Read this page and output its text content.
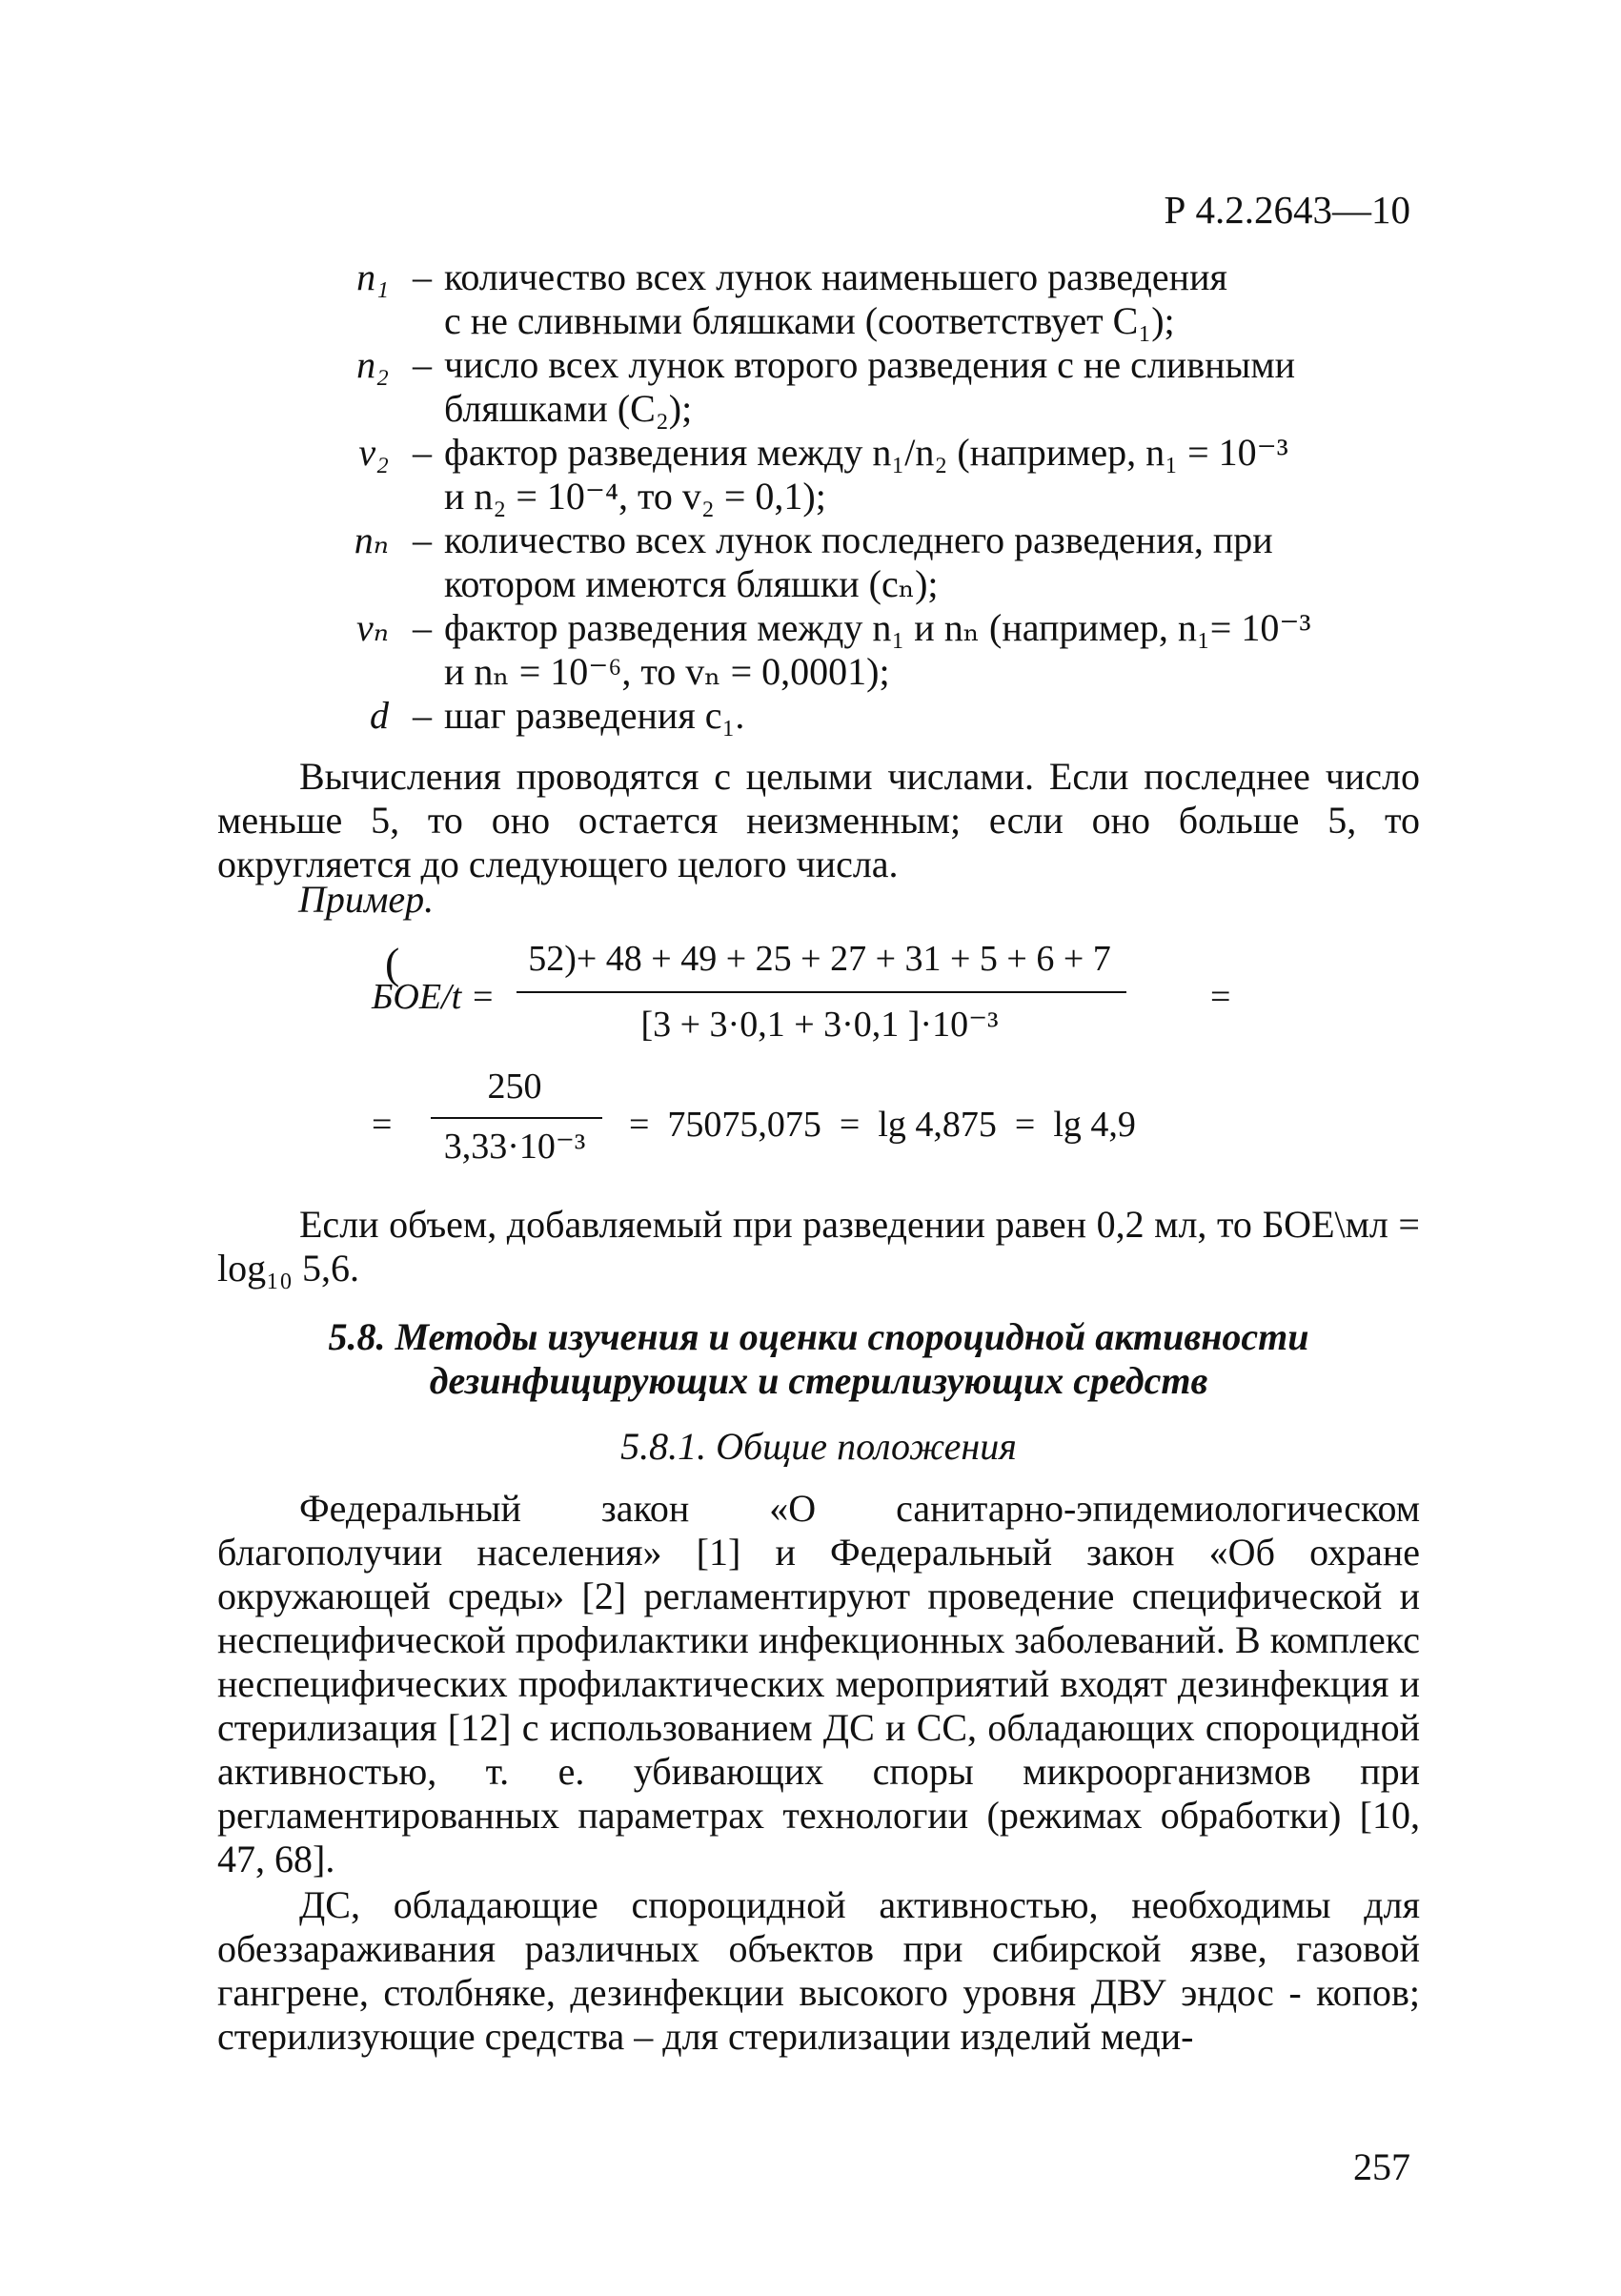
Р 4.2.2643—10
n₁ – количество всех лунок наименьшего разведения
с не сливными бляшками (соответствует C₁);
n₂ – число всех лунок второго разведения с не сливными
бляшками (C₂);
v₂ – фактор разведения между n₁/n₂ (например, n₁ = 10⁻³
и n₂ = 10⁻⁴, то v₂ = 0,1);
nₙ – количество всех лунок последнего разведения, при
котором имеются бляшки (cₙ);
vₙ – фактор разведения между n₁ и nₙ (например, n₁= 10⁻³
и nₙ = 10⁻⁶, то vₙ = 0,0001);
d – шаг разведения c₁.
Вычисления проводятся с целыми числами. Если последнее число меньше 5, то оно остается неизменным; если оно больше 5, то округляется до следующего целого числа.
Пример.
(
БОЕ/t =
52)+ 48 + 49 + 25 + 27 + 31 + 5 + 6 + 7
[3 + 3·0,1 + 3·0,1 ]·10⁻³
=
=
250
3,33·10⁻³
=  75075,075  =  lg 4,875  =  lg 4,9
Если объем, добавляемый при разведении равен 0,2 мл, то БОЕ\мл = log₁₀ 5,6.
5.8. Методы изучения и оценки спороцидной активности
дезинфицирующих и стерилизующих средств
5.8.1. Общие положения
Федеральный закон «О санитарно-эпидемиологическом благополучии населения» [1] и Федеральный закон «Об охране окружающей среды» [2] регламентируют проведение специфической и неспецифической профилактики инфекционных заболеваний. В комплекс неспецифических профилактических мероприятий входят дезинфекция и стерилизация [12] с использованием ДС и СС, обладающих спороцидной активностью, т. е. убивающих споры микроорганизмов при регламентированных параметрах технологии (режимах обработки) [10, 47, 68].
ДС, обладающие спороцидной активностью, необходимы для обеззараживания различных объектов при сибирской язве, газовой гангрене, столбняке, дезинфекции высокого уровня ДВУ эндос - копов; стерилизующие средства – для стерилизации изделий меди-
257
